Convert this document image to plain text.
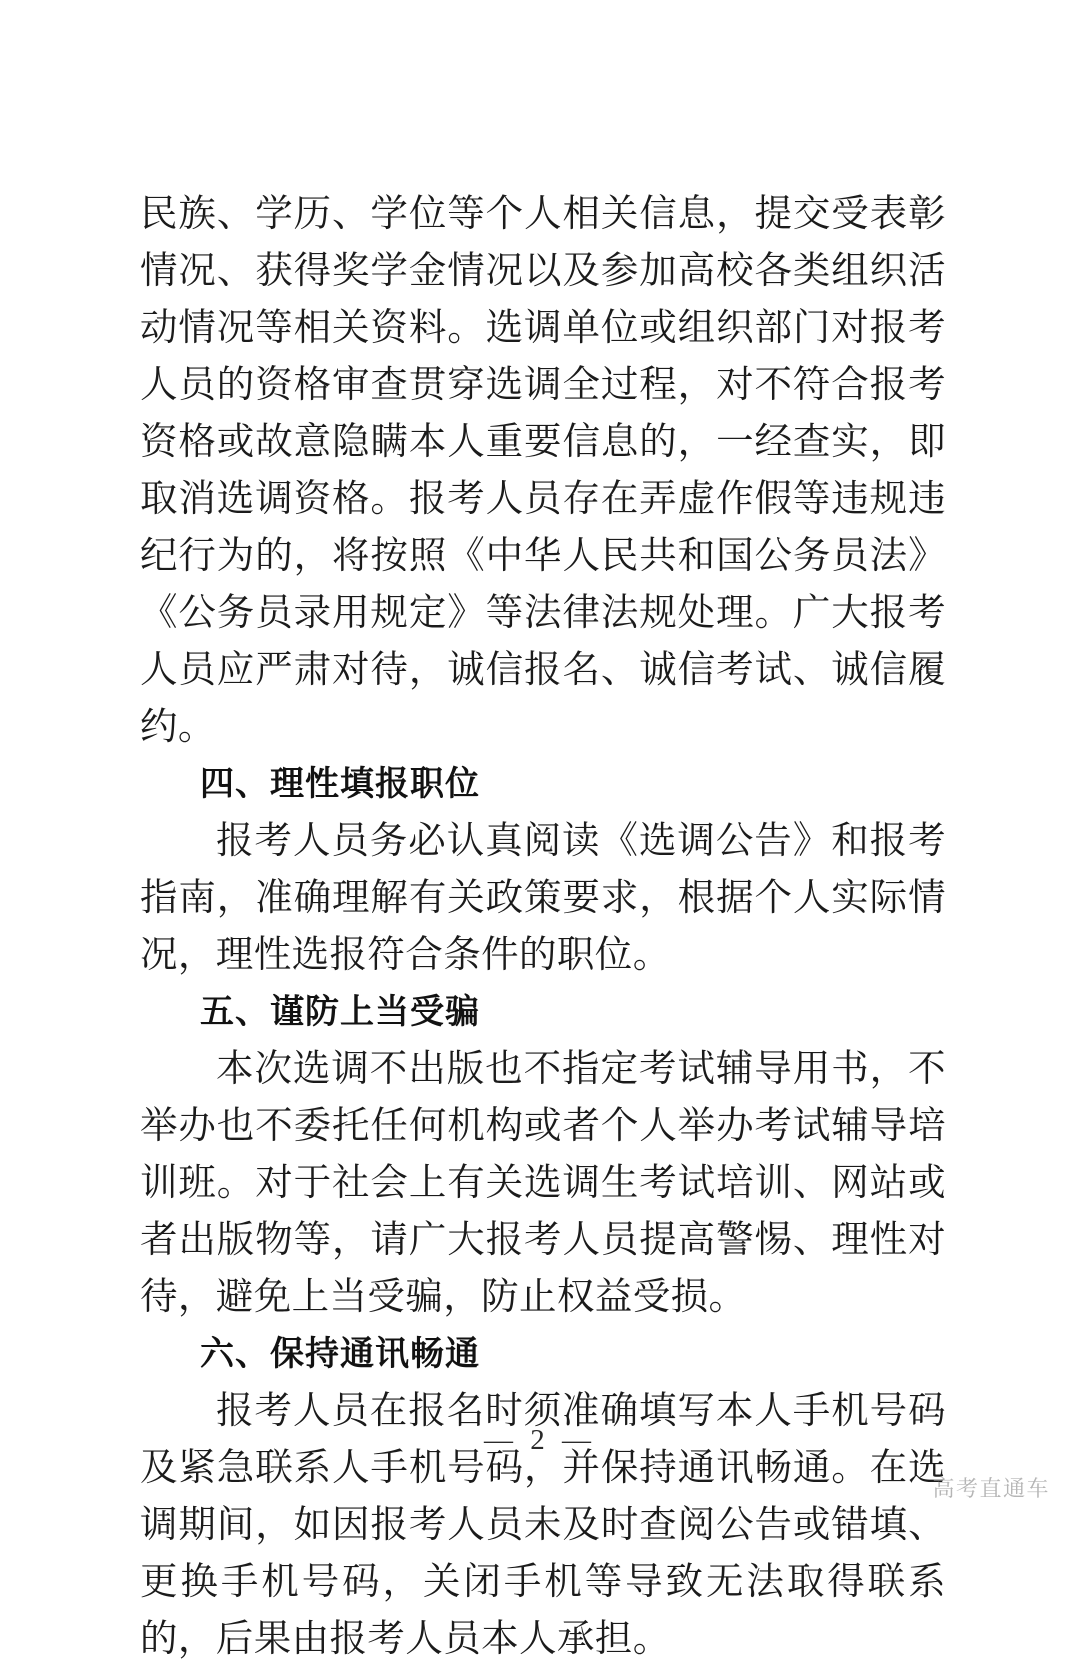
民族、学历、学位等个人相关信息，提交受表彰情况、获得奖学金情况以及参加高校各类组织活动情况等相关资料。选调单位或组织部门对报考人员的资格审查贯穿选调全过程，对不符合报考资格或故意隐瞒本人重要信息的，一经查实，即取消选调资格。报考人员存在弄虚作假等违规违纪行为的，将按照《中华人民共和国公务员法》《公务员录用规定》等法律法规处理。广大报考人员应严肃对待，诚信报名、诚信考试、诚信履约。

四、理性填报职位

报考人员务必认真阅读《选调公告》和报考指南，准确理解有关政策要求，根据个人实际情况，理性选报符合条件的职位。

五、谨防上当受骗

本次选调不出版也不指定考试辅导用书，不举办也不委托任何机构或者个人举办考试辅导培训班。对于社会上有关选调生考试培训、网站或者出版物等，请广大报考人员提高警惕、理性对待，避免上当受骗，防止权益受损。

六、保持通讯畅通

报考人员在报名时须准确填写本人手机号码及紧急联系人手机号码，并保持通讯畅通。在选调期间，如因报考人员未及时查阅公告或错填、更换手机号码，关闭手机等导致无法取得联系的，后果由报考人员本人承担。

— 2 —
高考直通车
